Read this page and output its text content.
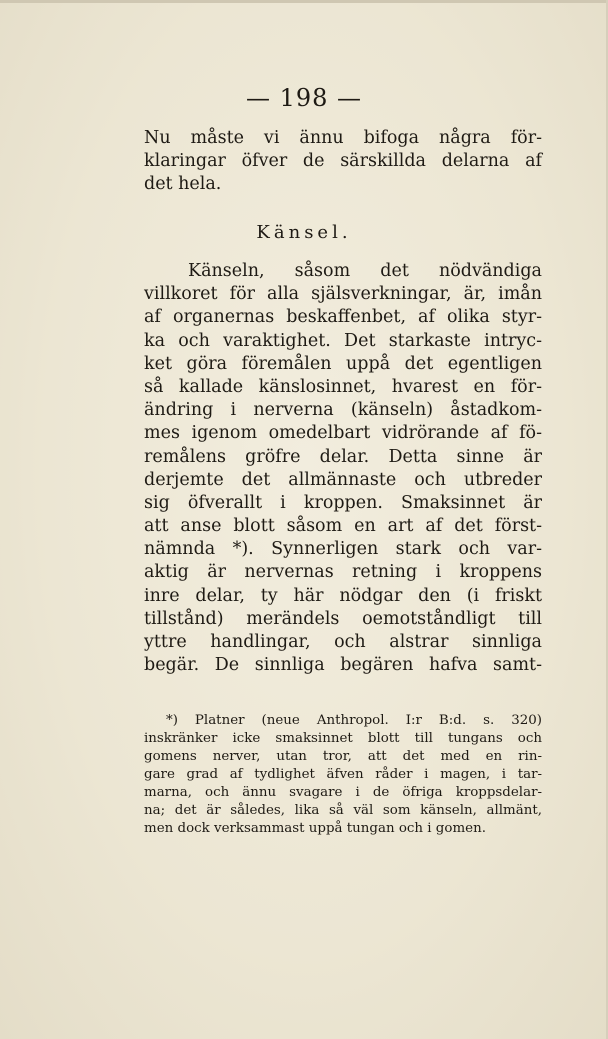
— 198 —
Nu måste vi ännu bifoga några för-
klaringar öfver de särskillda delarna af
det hela.
Känsel.
Känseln, såsom det nödvändiga
villkoret för alla själsverkningar, är, imån
af organernas beskaffenbet, af olika styr-
ka och varaktighet. Det starkaste intryc-
ket göra föremålen uppå det egentligen
så kallade känslosinnet, hvarest en för-
ändring i nerverna (känseln) åstadkom-
mes igenom omedelbart vidrörande af fö-
remålens gröfre delar. Detta sinne är
derjemte det allmännaste och utbreder
sig öfverallt i kroppen. Smaksinnet är
att anse blott såsom en art af det först-
nämnda *). Synnerligen stark och var-
aktig är nervernas retning i kroppens
inre delar, ty här nödgar den (i friskt
tillstånd) merändels oemotståndligt till
yttre handlingar, och alstrar sinnliga
begär. De sinnliga begären hafva samt-
*) Platner (neue Anthropol. I:r B:d. s. 320)
inskränker icke smaksinnet blott till tungans och
gomens nerver, utan tror, att det med en rin-
gare grad af tydlighet äfven råder i magen, i tar-
marna, och ännu svagare i de öfriga kroppsdelar-
na; det är således, lika så väl som känseln, allmänt,
men dock verksammast uppå tungan och i gomen.
